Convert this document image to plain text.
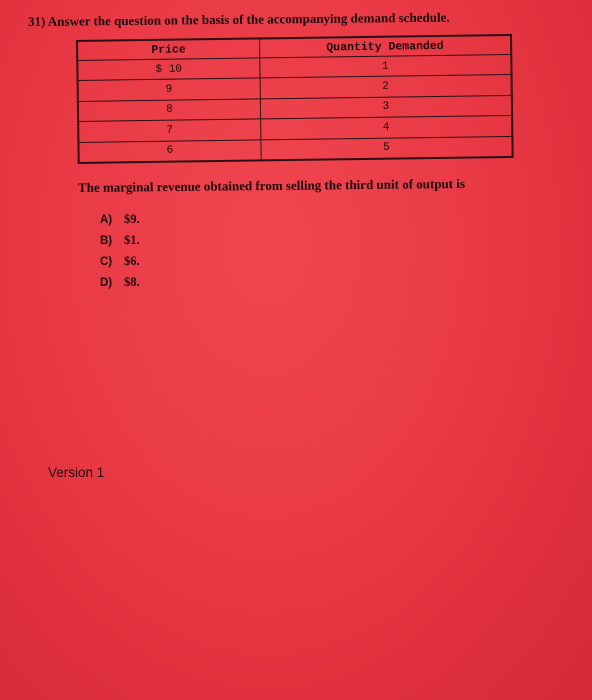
31) Answer the question on the basis of the accompanying demand schedule.
Price	Quantity Demanded
$ 10	1
9	2
8	3
7	4
6	5
The marginal revenue obtained from selling the third unit of output is
A) $9.
B) $1.
C) $6.
D) $8.
Version 1
